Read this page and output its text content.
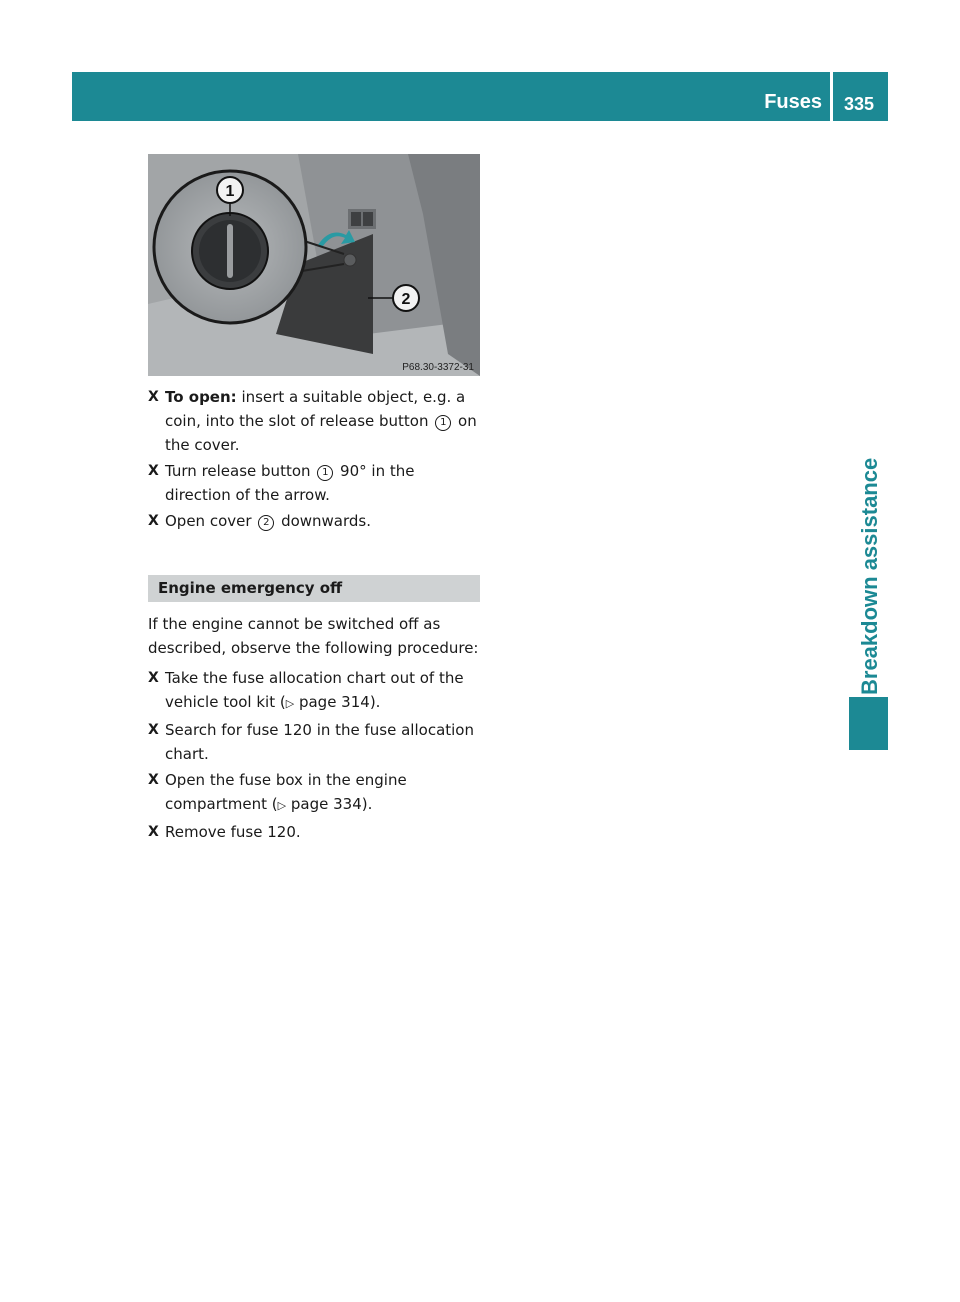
Fuses 335
Breakdown assistance
1
2
P68.30-3372-31
X To open: insert a suitable object, e.g. a coin, into the slot of release button 1 on the cover.
X Turn release button 1 90° in the direction of the arrow.
X Open cover 2 downwards.
Engine emergency off
If the engine cannot be switched off as described, observe the following procedure:
X Take the fuse allocation chart out of the vehicle tool kit (▷ page 314).
X Search for fuse 120 in the fuse allocation chart.
X Open the fuse box in the engine compartment (▷ page 334).
X Remove fuse 120.
